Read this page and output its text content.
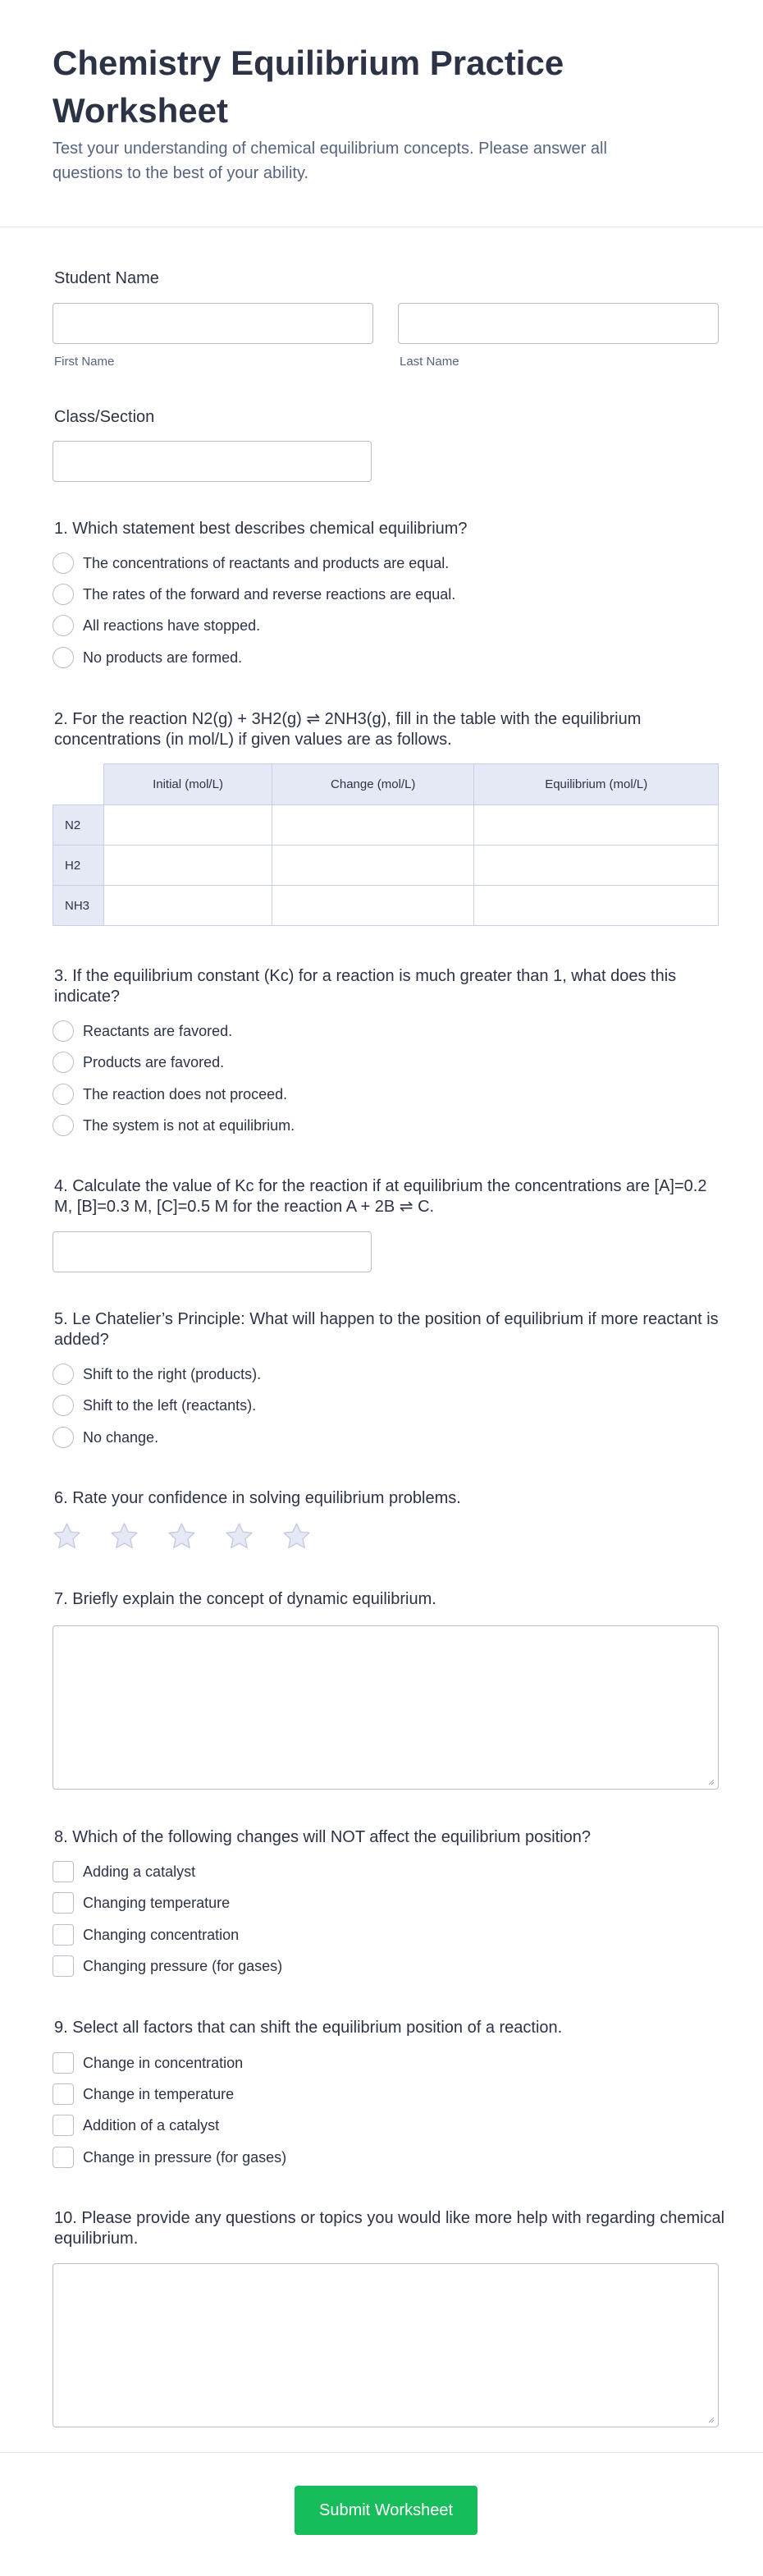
Chemistry Equilibrium Practice Worksheet
Test your understanding of chemical equilibrium concepts. Please answer all questions to the best of your ability.
Student Name
First Name	Last Name
Class/Section
1. Which statement best describes chemical equilibrium?
The concentrations of reactants and products are equal.
The rates of the forward and reverse reactions are equal.
All reactions have stopped.
No products are formed.
2. For the reaction N2(g) + 3H2(g) ⇌ 2NH3(g), fill in the table with the equilibrium concentrations (in mol/L) if given values are as follows.
	Initial (mol/L)	Change (mol/L)	Equilibrium (mol/L)
N2			
H2			
NH3			
3. If the equilibrium constant (Kc) for a reaction is much greater than 1, what does this indicate?
Reactants are favored.
Products are favored.
The reaction does not proceed.
The system is not at equilibrium.
4. Calculate the value of Kc for the reaction if at equilibrium the concentrations are [A]=0.2 M, [B]=0.3 M, [C]=0.5 M for the reaction A + 2B ⇌ C.
5. Le Chatelier’s Principle: What will happen to the position of equilibrium if more reactant is added?
Shift to the right (products).
Shift to the left (reactants).
No change.
6. Rate your confidence in solving equilibrium problems.
7. Briefly explain the concept of dynamic equilibrium.
8. Which of the following changes will NOT affect the equilibrium position?
Adding a catalyst
Changing temperature
Changing concentration
Changing pressure (for gases)
9. Select all factors that can shift the equilibrium position of a reaction.
Change in concentration
Change in temperature
Addition of a catalyst
Change in pressure (for gases)
10. Please provide any questions or topics you would like more help with regarding chemical equilibrium.
Submit Worksheet
